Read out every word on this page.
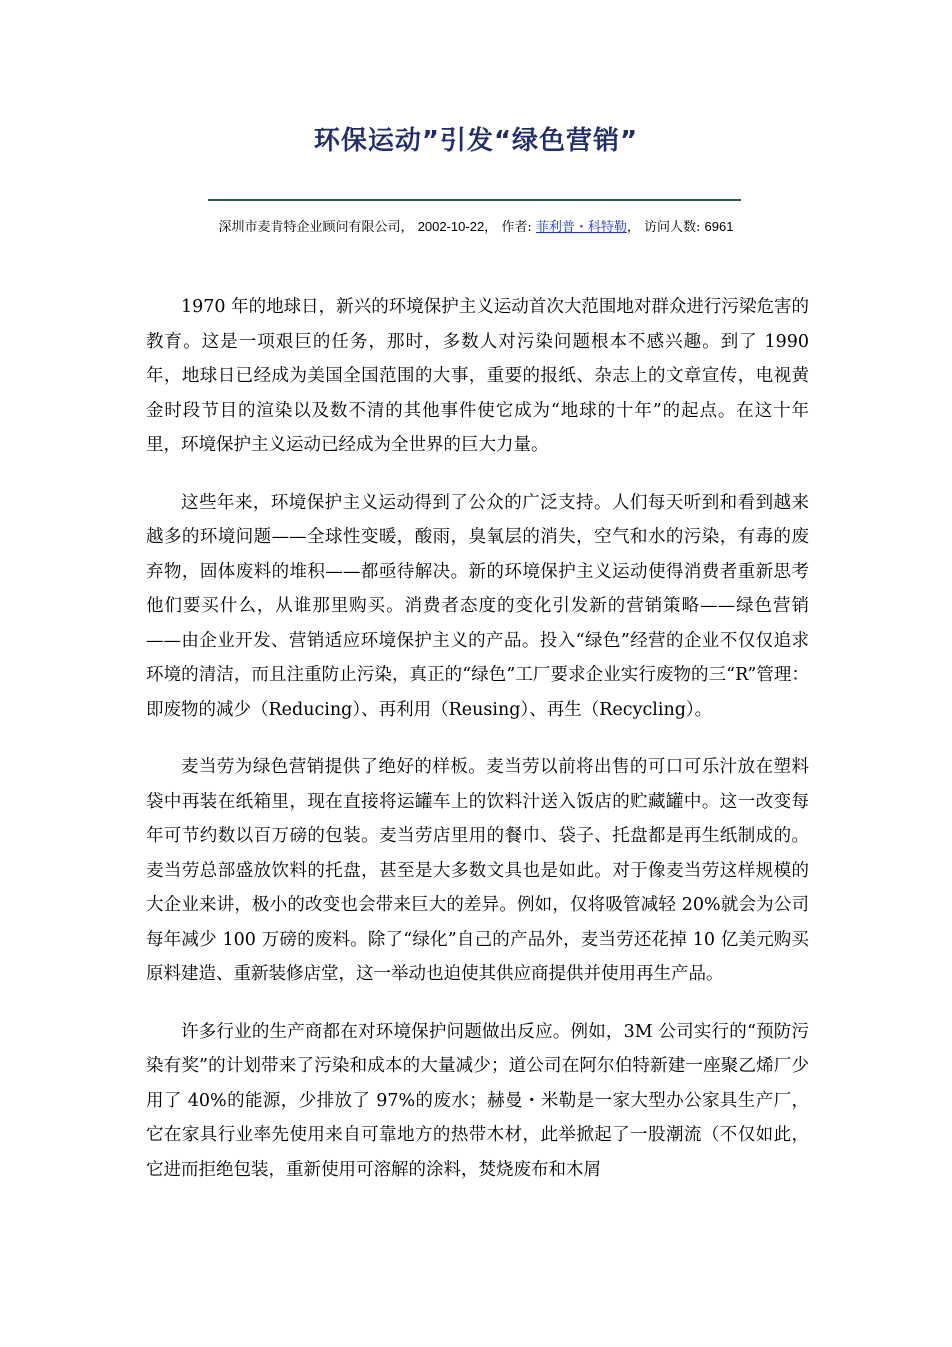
环保运动”引发“绿色营销”
深圳市麦肯特企业顾问有限公司， 2002-10-22， 作者: 菲利普・科特勒， 访问人数: 6961

1970 年的地球日，新兴的环境保护主义运动首次大范围地对群众进行污梁危害的教育。这是一项艰巨的任务，那时，多数人对污染问题根本不感兴趣。到了 1990 年，地球日已经成为美国全国范围的大事，重要的报纸、杂志上的文章宣传，电视黄金时段节目的渲染以及数不清的其他事件使它成为“地球的十年”的起点。在这十年里，环境保护主义运动已经成为全世界的巨大力量。

这些年来，环境保护主义运动得到了公众的广泛支持。人们每天听到和看到越来越多的环境问题——全球性变暖，酸雨，臭氧层的消失，空气和水的污染，有毒的废弃物，固体废料的堆积——都亟待解决。新的环境保护主义运动使得消费者重新思考他们要买什么，从谁那里购买。消费者态度的变化引发新的营销策略——绿色营销——由企业开发、营销适应环境保护主义的产品。投入“绿色”经营的企业不仅仅追求环境的清洁，而且注重防止污染，真正的“绿色”工厂要求企业实行废物的三“R”管理：即废物的减少（Reducing）、再利用（Reusing）、再生（Recycling）。

麦当劳为绿色营销提供了绝好的样板。麦当劳以前将出售的可口可乐汁放在塑料袋中再装在纸箱里，现在直接将运罐车上的饮料汁送入饭店的贮藏罐中。这一改变每年可节约数以百万磅的包装。麦当劳店里用的餐巾、袋子、托盘都是再生纸制成的。麦当劳总部盛放饮料的托盘，甚至是大多数文具也是如此。对于像麦当劳这样规模的大企业来讲，极小的改变也会带来巨大的差异。例如，仅将吸管减轻 20%就会为公司每年减少 100 万磅的废料。除了“绿化”自己的产品外，麦当劳还花掉 10 亿美元购买原料建造、重新装修店堂，这一举动也迫使其供应商提供并使用再生产品。

许多行业的生产商都在对环境保护问题做出反应。例如，3M 公司实行的“预防污染有奖”的计划带来了污染和成本的大量减少；道公司在阿尔伯特新建一座聚乙烯厂少用了 40%的能源，少排放了 97%的废水；赫曼・米勒是一家大型办公家具生产厂，它在家具行业率先使用来自可靠地方的热带木材，此举掀起了一股潮流（不仅如此，它进而拒绝包装，重新使用可溶解的涂料，焚烧废布和木屑
